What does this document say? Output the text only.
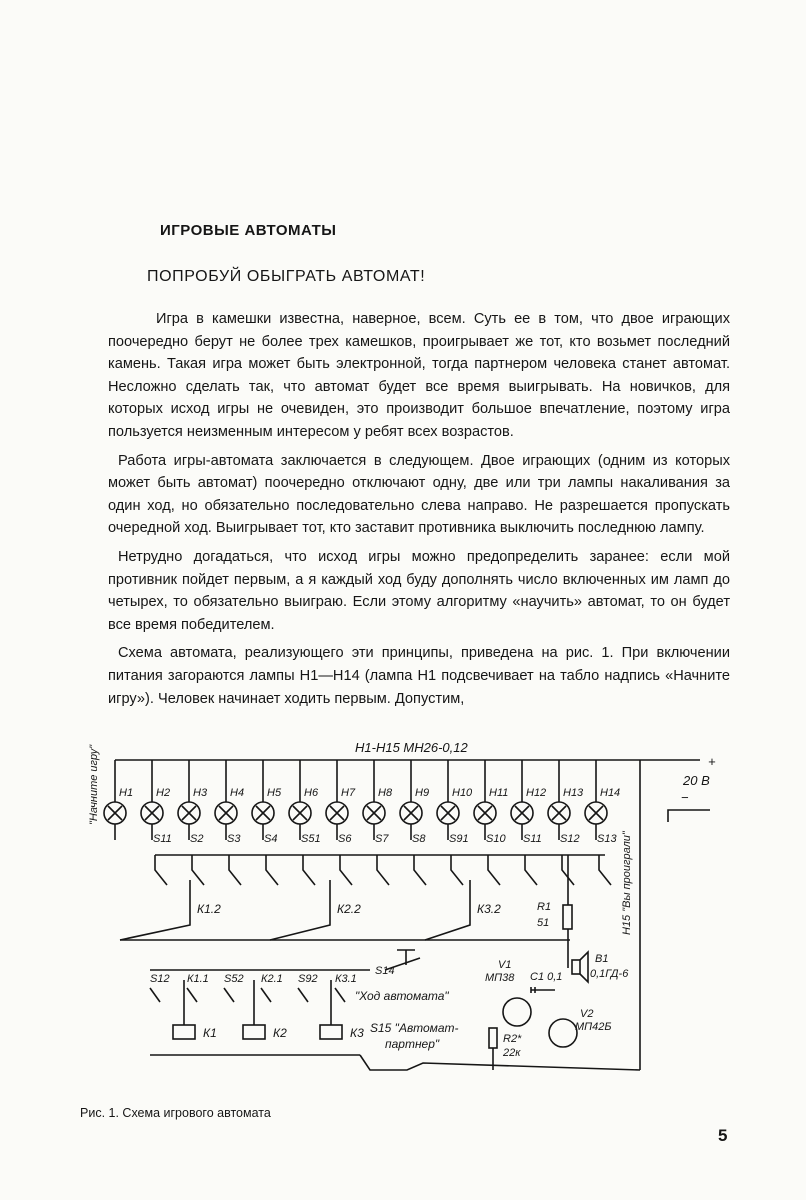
ИГРОВЫЕ АВТОМАТЫ
ПОПРОБУЙ ОБЫГРАТЬ АВТОМАТ!

Игра в камешки известна, наверное, всем. Суть ее в том, что двое играющих поочередно берут не более трех камешков, проигрывает же тот, кто возьмет последний камень. Такая игра может быть электронной, тогда партнером человека станет автомат. Несложно сделать так, что автомат будет все время выигрывать. На новичков, для которых исход игры не очевиден, это производит большое впечатление, поэтому игра пользуется неизменным интересом у ребят всех возрастов.

Работа игры-автомата заключается в следующем. Двое играющих (одним из которых может быть автомат) поочередно отключают одну, две или три лампы накаливания за один ход, но обязательно последовательно слева направо. Не разрешается пропускать очередной ход. Выигрывает тот, кто заставит противника выключить последнюю лампу.

Нетрудно догадаться, что исход игры можно предопределить заранее: если мой противник пойдет первым, а я каждый ход буду дополнять число включенных им ламп до четырех, то обязательно выиграю. Если этому алгоритму «научить» автомат, то он будет все время победителем.

Схема автомата, реализующего эти принципы, приведена на рис. 1. При включении питания загораются лампы Н1—Н14 (лампа Н1 подсвечивает на табло надпись «Начните игру»). Человек начинает ходить первым. Допустим,

Н1-Н15 МН26-0,12
+
20 В
−
Н1 Н2 Н3 Н4 Н5 Н6 Н7 Н8 Н9 Н10 Н11 Н12 Н13 Н14
"Начните игру"
Н15 "Вы проиграли"
S11 S2 S3 S4 S51 S6 S7 S8 S91 S10 S11 S12 S13
К1.2	К2.2	К3.2	R1
51
S12 К1.1 S52 К2.1 S92 К3.1
S14
"Ход автомата"
К1	К2	К3 S15 "Автомат-
партнер"
V1
МП38
V2
МП42Б
С1 0,1
В1
0,1ГД-6
R2*
22к
Рис. 1. Схема игрового автомата
5
